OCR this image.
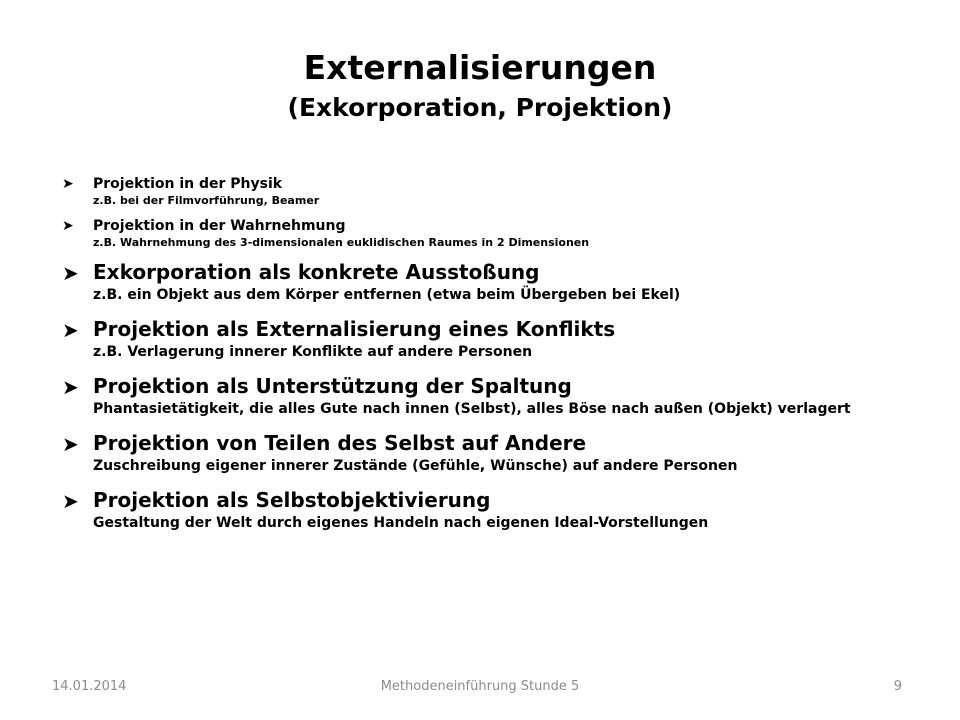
Externalisierungen
(Exkorporation, Projektion)
➤ Projektion in der Physik
z.B. bei der Filmvorführung, Beamer
➤ Projektion in der Wahrnehmung
z.B. Wahrnehmung des 3-dimensionalen euklidischen Raumes in 2 Dimensionen
➤ Exkorporation als konkrete Ausstoßung
z.B. ein Objekt aus dem Körper entfernen (etwa beim Übergeben bei Ekel)
➤ Projektion als Externalisierung eines Konflikts
z.B. Verlagerung innerer Konflikte auf andere Personen
➤ Projektion als Unterstützung der Spaltung
Phantasietätigkeit, die alles Gute nach innen (Selbst), alles Böse nach außen (Objekt) verlagert
➤ Projektion von Teilen des Selbst auf Andere
Zuschreibung eigener innerer Zustände (Gefühle, Wünsche) auf andere Personen
➤ Projektion als Selbstobjektivierung
Gestaltung der Welt durch eigenes Handeln nach eigenen Ideal-Vorstellungen
Methodeneinführung Stunde 5
14.01.2014	9
